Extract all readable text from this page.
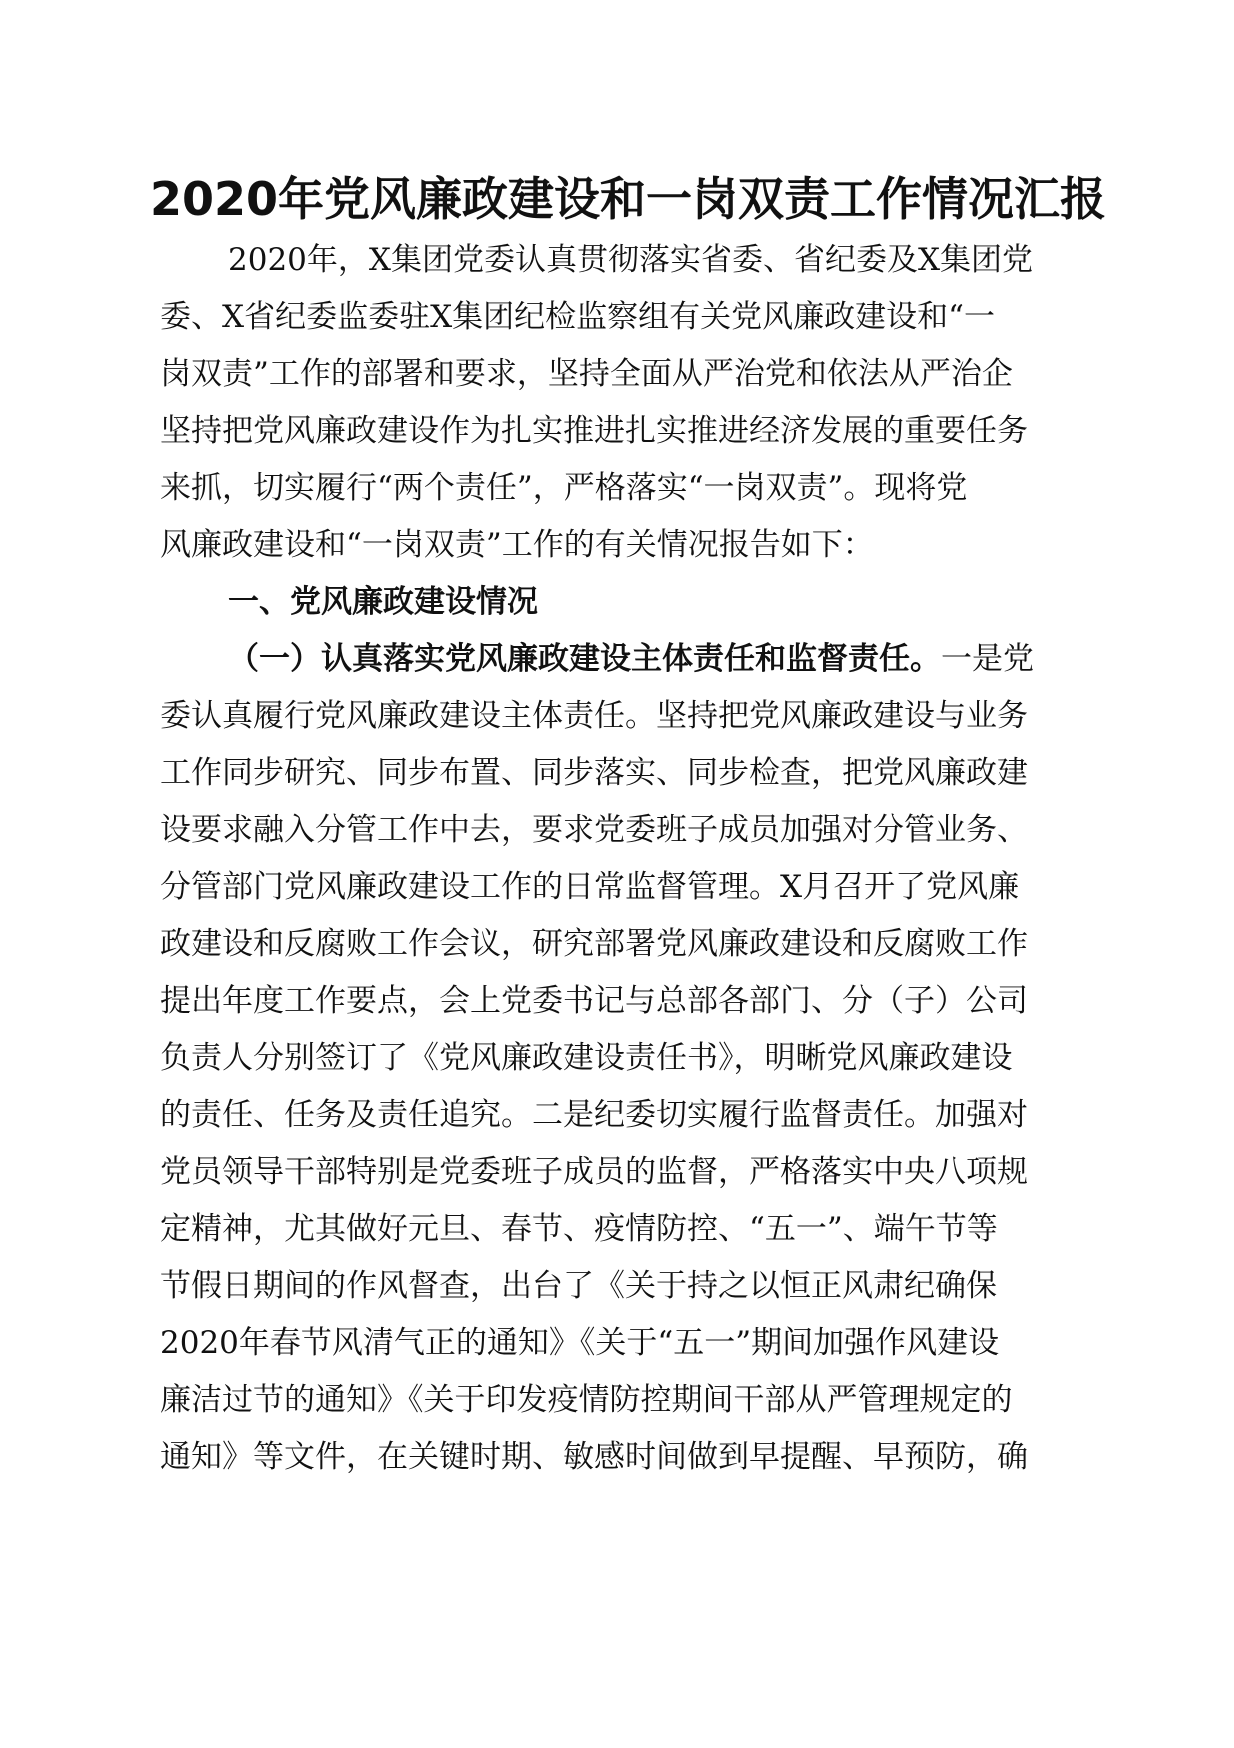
2020年党风廉政建设和一岗双责工作情况汇报
2020年，X集团党委认真贯彻落实省委、省纪委及X集团党
委、X省纪委监委驻X集团纪检监察组有关党风廉政建设和“一
岗双责”工作的部署和要求，坚持全面从严治党和依法从严治企
坚持把党风廉政建设作为扎实推进扎实推进经济发展的重要任务
来抓，切实履行“两个责任”，严格落实“一岗双责”。现将党
风廉政建设和“一岗双责”工作的有关情况报告如下：
一、党风廉政建设情况
（一）认真落实党风廉政建设主体责任和监督责任。一是党
委认真履行党风廉政建设主体责任。坚持把党风廉政建设与业务
工作同步研究、同步布置、同步落实、同步检查，把党风廉政建
设要求融入分管工作中去，要求党委班子成员加强对分管业务、
分管部门党风廉政建设工作的日常监督管理。X月召开了党风廉
政建设和反腐败工作会议，研究部署党风廉政建设和反腐败工作
提出年度工作要点，会上党委书记与总部各部门、分（子）公司
负责人分别签订了《党风廉政建设责任书》，明晰党风廉政建设
的责任、任务及责任追究。二是纪委切实履行监督责任。加强对
党员领导干部特别是党委班子成员的监督，严格落实中央八项规
定精神，尤其做好元旦、春节、疫情防控、“五一”、端午节等
节假日期间的作风督查，出台了《关于持之以恒正风肃纪确保
2020年春节风清气正的通知》《关于“五一”期间加强作风建设
廉洁过节的通知》《关于印发疫情防控期间干部从严管理规定的
通知》等文件，在关键时期、敏感时间做到早提醒、早预防，确
